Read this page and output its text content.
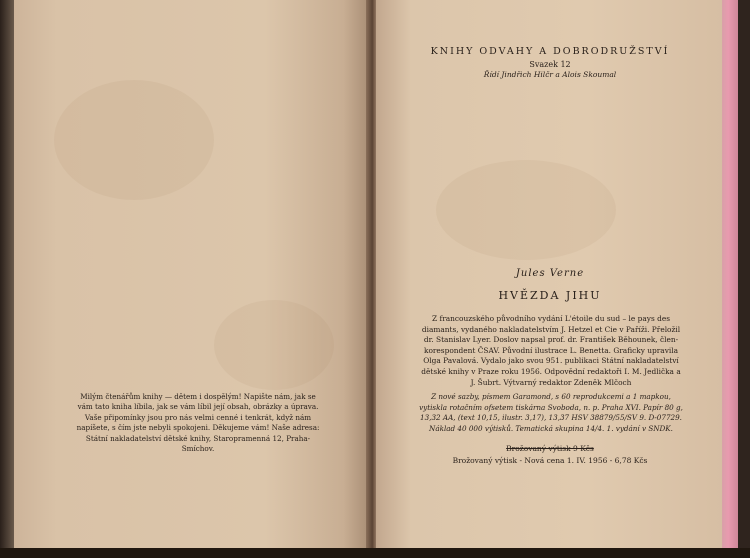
KNIHY ODVAHY A DOBRODRUŽSTVÍ
Svazek 12
Řídí Jindřich Hilčr a Alois Skoumal
Jules Verne
HVĚZDA JIHU
Z francouzského původního vydání L'étoile du sud – le pays des diamants, vydaného nakladatelstvím J. Hetzel et Cie v Paříži. Přeložil dr. Stanislav Lyer. Doslov napsal prof. dr. František Běhounek, člen-korespondent ČSAV. Původní ilustrace L. Benetta. Graficky upravila Olga Pavalová. Vydalo jako svou 951. publikaci Státní nakladatelství dětské knihy v Praze roku 1956. Odpovědní redaktoři I. M. Jedlička a J. Šubrt. Výtvarný redaktor Zdeněk Mlčoch
Z nové sazby, písmem Garamond, s 60 reprodukcemi a 1 mapkou, vytiskla rotačním ofsetem tiskárna Svoboda, n. p. Praha XVI. Papír 80 g, 13,32 AA, (text 10,15, ilustr. 3,17), 13,37 HSV 38879/55/SV 9. D-07729. Náklad 40 000 výtisků. Tematická skupina 14/4. 1. vydání v SNDK.
Brožovaný výtisk 9 Kčs
Brožovaný výtisk - Nová cena 1. IV. 1956 - 6,78 Kčs
Milým čtenářům knihy — dětem i dospělým! Napište nám, jak se vám tato kniha líbila, jak se vám líbil její obsah, obrázky a úprava. Vaše připomínky jsou pro nás velmi cenné i tenkrát, když nám napíšete, s čím jste nebyli spokojeni. Děkujeme vám! Naše adresa: Státní nakladatelství dětské knihy, Staropramenná 12, Praha-Smíchov.
